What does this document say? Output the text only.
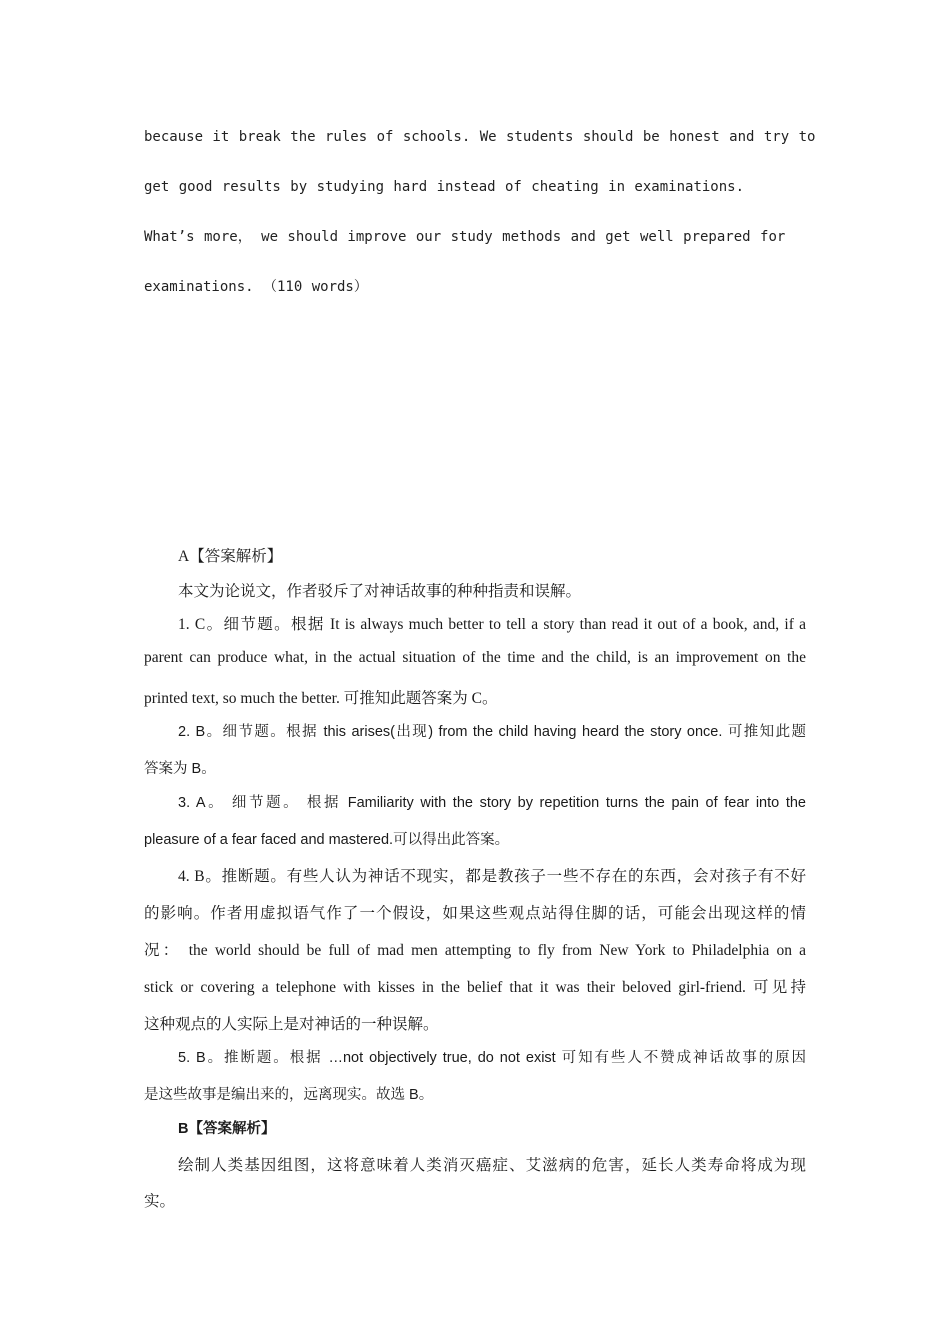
because it break the rules of schools. We students should be honest and try to
get good results by studying hard instead of cheating in examinations.
What’s more， we should improve our study methods and get well prepared for
examinations. （110 words）
A【答案解析】
本文为论说文，作者驳斥了对神话故事的种种指责和误解。
1. C。细节题。根据 It is always much better to tell a story than read it out of a book, and, if a
parent can produce what, in the actual situation of the time and the child, is an improvement on the
printed text, so much the better. 可推知此题答案为 C。
2. B。细节题。根据 this arises(出现) from the child having heard the story once. 可推知此题
答案为 B。
3. A。 细节题。 根据 Familiarity with the story by repetition turns the pain of fear into the
pleasure of a fear faced and mastered.可以得出此答案。
4. B。推断题。有些人认为神话不现实，都是教孩子一些不存在的东西，会对孩子有不好
的影响。作者用虚拟语气作了一个假设，如果这些观点站得住脚的话，可能会出现这样的情
况： the world should be full of mad men attempting to fly from New York to Philadelphia on a
stick or covering a telephone with kisses in the belief that it was their beloved girl-friend. 可见持
这种观点的人实际上是对神话的一种误解。
5. B。推断题。根据 …not objectively true, do not exist 可知有些人不赞成神话故事的原因
是这些故事是编出来的，远离现实。故选 B。
B【答案解析】
绘制人类基因组图，这将意味着人类消灭癌症、艾滋病的危害，延长人类寿命将成为现
实。
